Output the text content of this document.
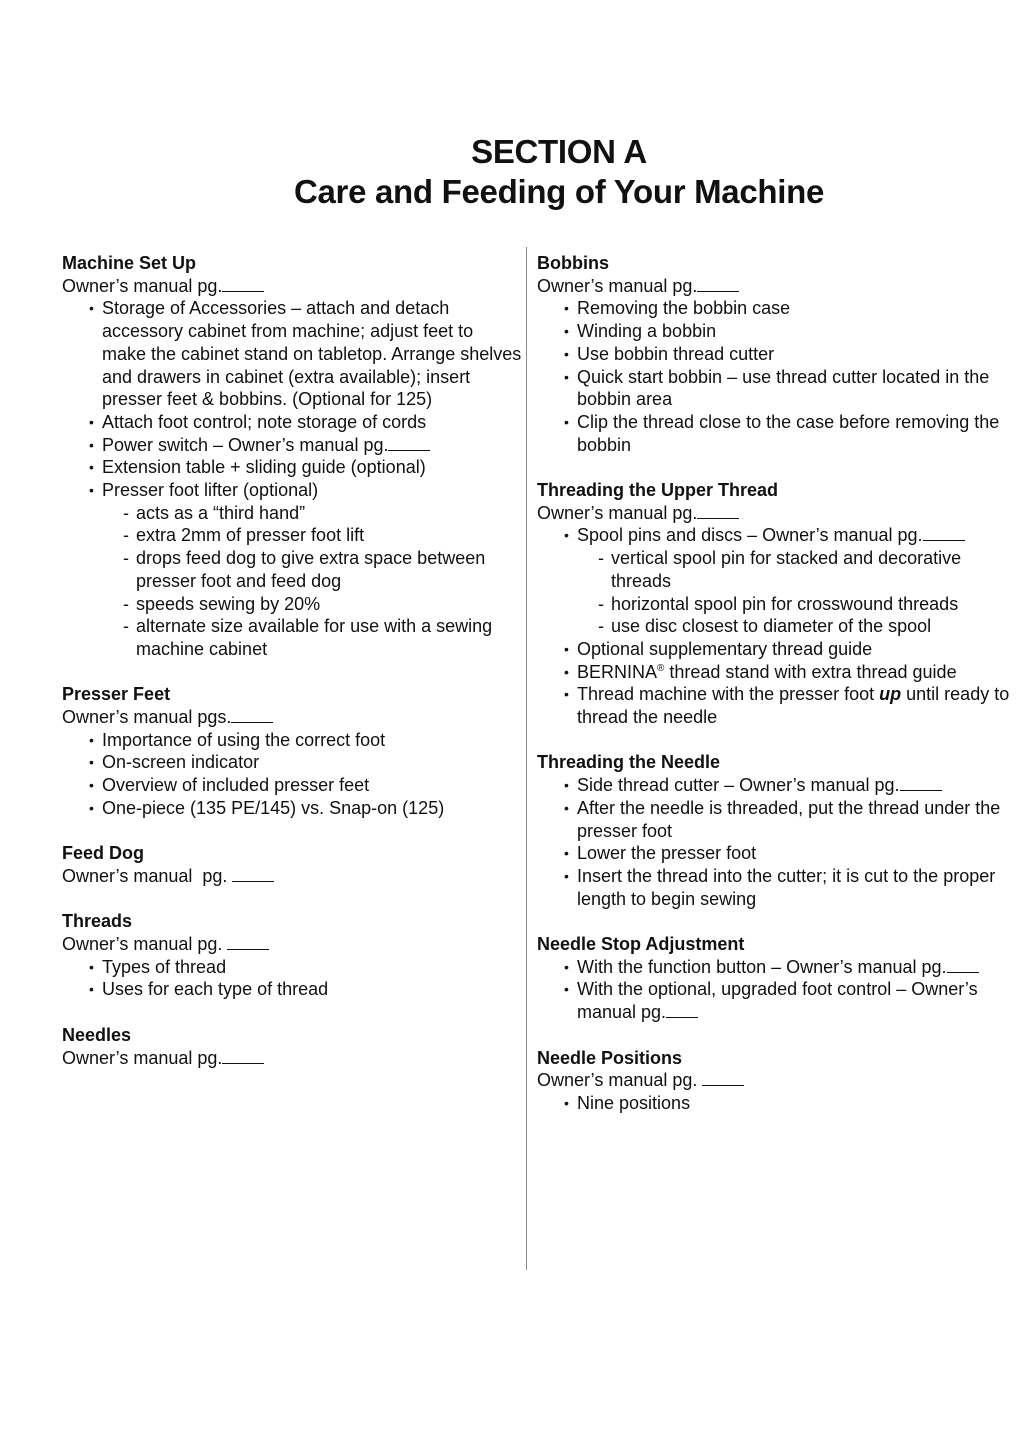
SECTION A
Care and Feeding of Your Machine
Machine Set Up
Owner’s manual pg.
• Storage of Accessories – attach and detach accessory cabinet from machine; adjust feet to make the cabinet stand on tabletop. Arrange shelves and drawers in cabinet (extra available); insert presser feet & bobbins. (Optional for 125)
• Attach foot control; note storage of cords
• Power switch – Owner’s manual pg.
• Extension table + sliding guide (optional)
• Presser foot lifter (optional)
- acts as a “third hand”
- extra 2mm of presser foot lift
- drops feed dog to give extra space between presser foot and feed dog
- speeds sewing by 20%
- alternate size available for use with a sewing machine cabinet
Presser Feet
Owner’s manual pgs.
• Importance of using the correct foot
• On-screen indicator
• Overview of included presser feet
• One-piece (135 PE/145) vs. Snap-on (125)
Feed Dog
Owner’s manual  pg.
Threads
Owner’s manual pg.
• Types of thread
• Uses for each type of thread
Needles
Owner’s manual pg.
Bobbins
Owner’s manual pg.
• Removing the bobbin case
• Winding a bobbin
• Use bobbin thread cutter
• Quick start bobbin – use thread cutter located in the bobbin area
• Clip the thread close to the case before removing the bobbin
Threading the Upper Thread
Owner’s manual pg.
• Spool pins and discs – Owner’s manual pg.
- vertical spool pin for stacked and decorative threads
- horizontal spool pin for crosswound threads
- use disc closest to diameter of the spool
• Optional supplementary thread guide
• BERNINA® thread stand with extra thread guide
• Thread machine with the presser foot up until ready to thread the needle
Threading the Needle
• Side thread cutter – Owner’s manual pg.
• After the needle is threaded, put the thread under the presser foot
• Lower the presser foot
• Insert the thread into the cutter; it is cut to the proper length to begin sewing
Needle Stop Adjustment
• With the function button – Owner’s manual pg.
• With the optional, upgraded foot control – Owner’s manual pg.
Needle Positions
Owner’s manual pg.
• Nine positions
